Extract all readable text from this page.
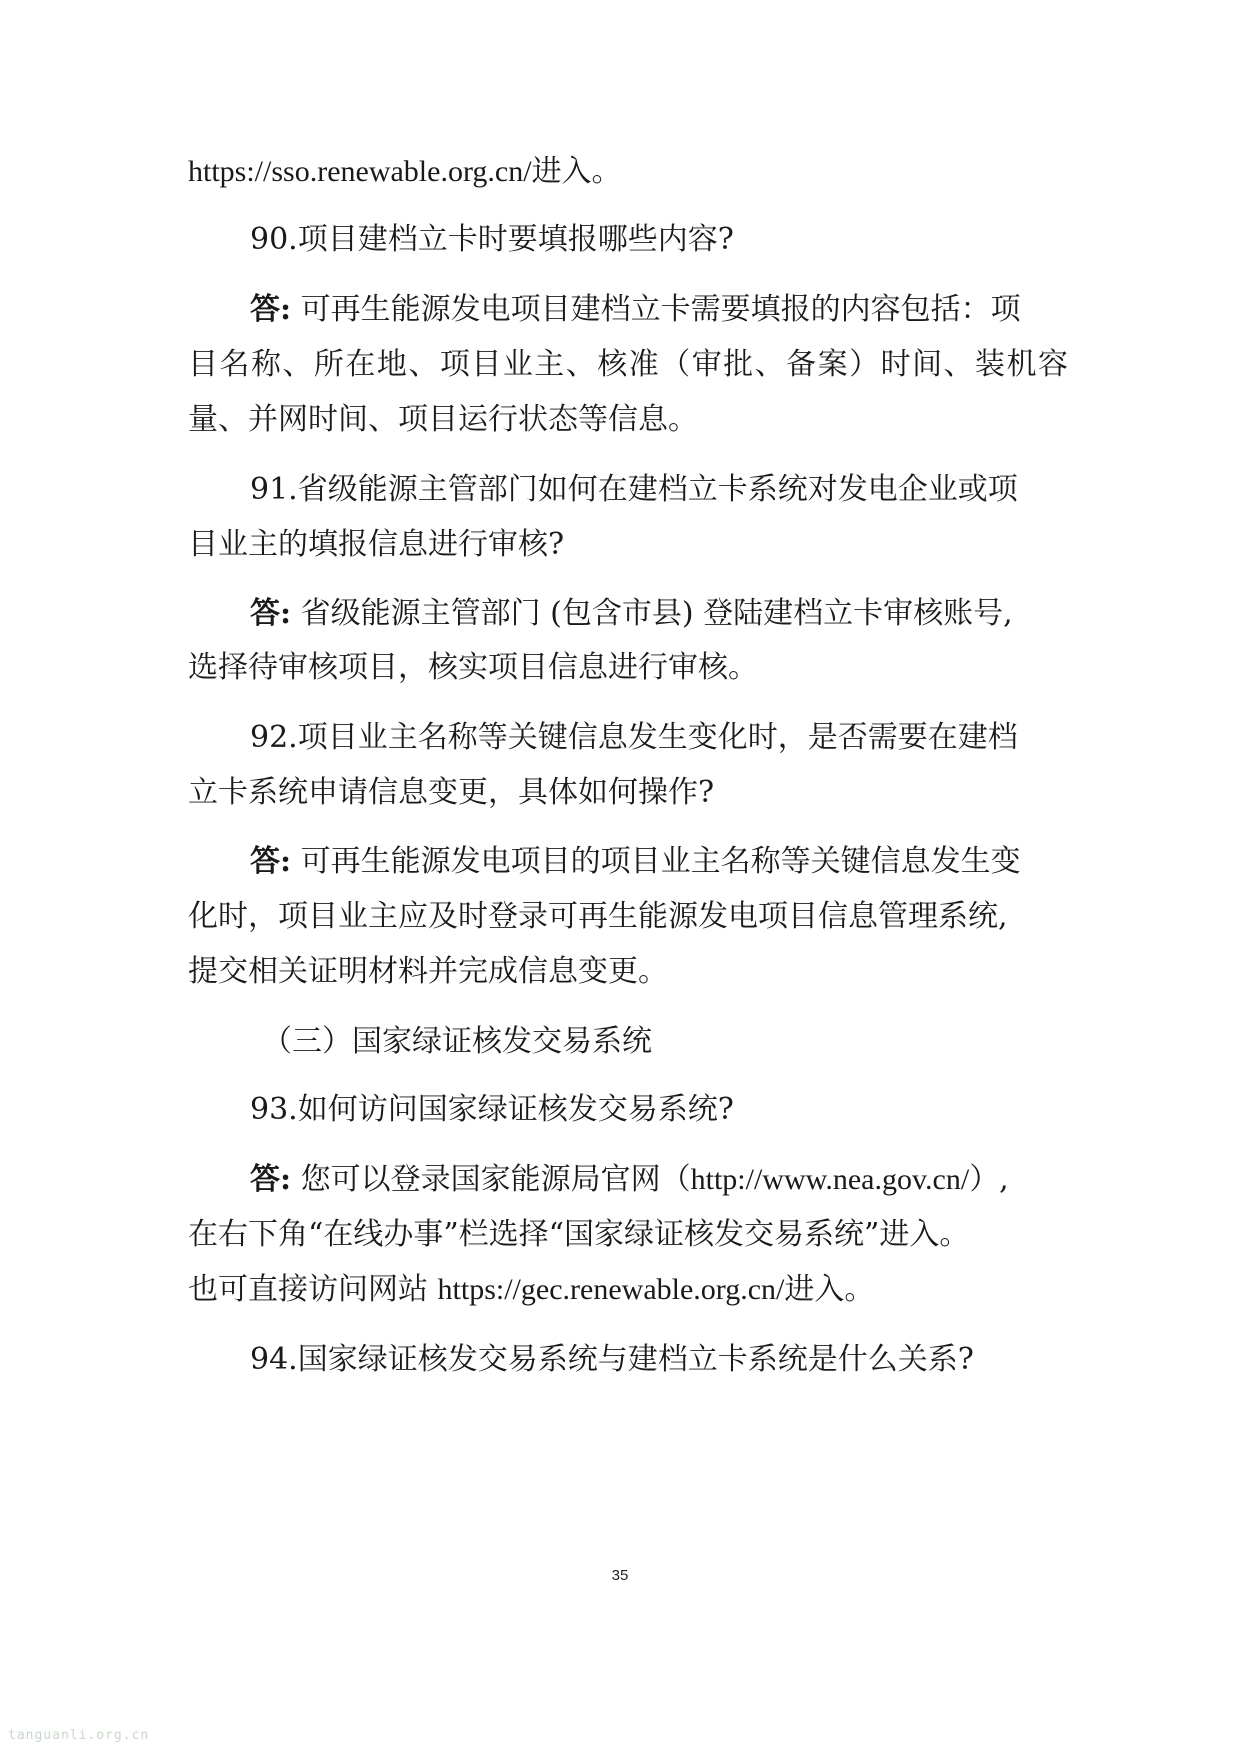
https://sso.renewable.org.cn/进入。
90.项目建档立卡时要填报哪些内容?
答: 可再生能源发电项目建档立卡需要填报的内容包括：项
目名称、所在地、项目业主、核准（审批、备案）时间、装机容
量、并网时间、项目运行状态等信息。
91.省级能源主管部门如何在建档立卡系统对发电企业或项
目业主的填报信息进行审核?
答: 省级能源主管部门 (包含市县) 登陆建档立卡审核账号,
选择待审核项目，核实项目信息进行审核。
92.项目业主名称等关键信息发生变化时，是否需要在建档
立卡系统申请信息变更，具体如何操作?
答: 可再生能源发电项目的项目业主名称等关键信息发生变
化时，项目业主应及时登录可再生能源发电项目信息管理系统,
提交相关证明材料并完成信息变更。
（三）国家绿证核发交易系统
93.如何访问国家绿证核发交易系统?
答: 您可以登录国家能源局官网（http://www.nea.gov.cn/）,
在右下角“在线办事”栏选择“国家绿证核发交易系统”进入。
也可直接访问网站 https://gec.renewable.org.cn/进入。
94.国家绿证核发交易系统与建档立卡系统是什么关系?
35
tanguanli.org.cn
